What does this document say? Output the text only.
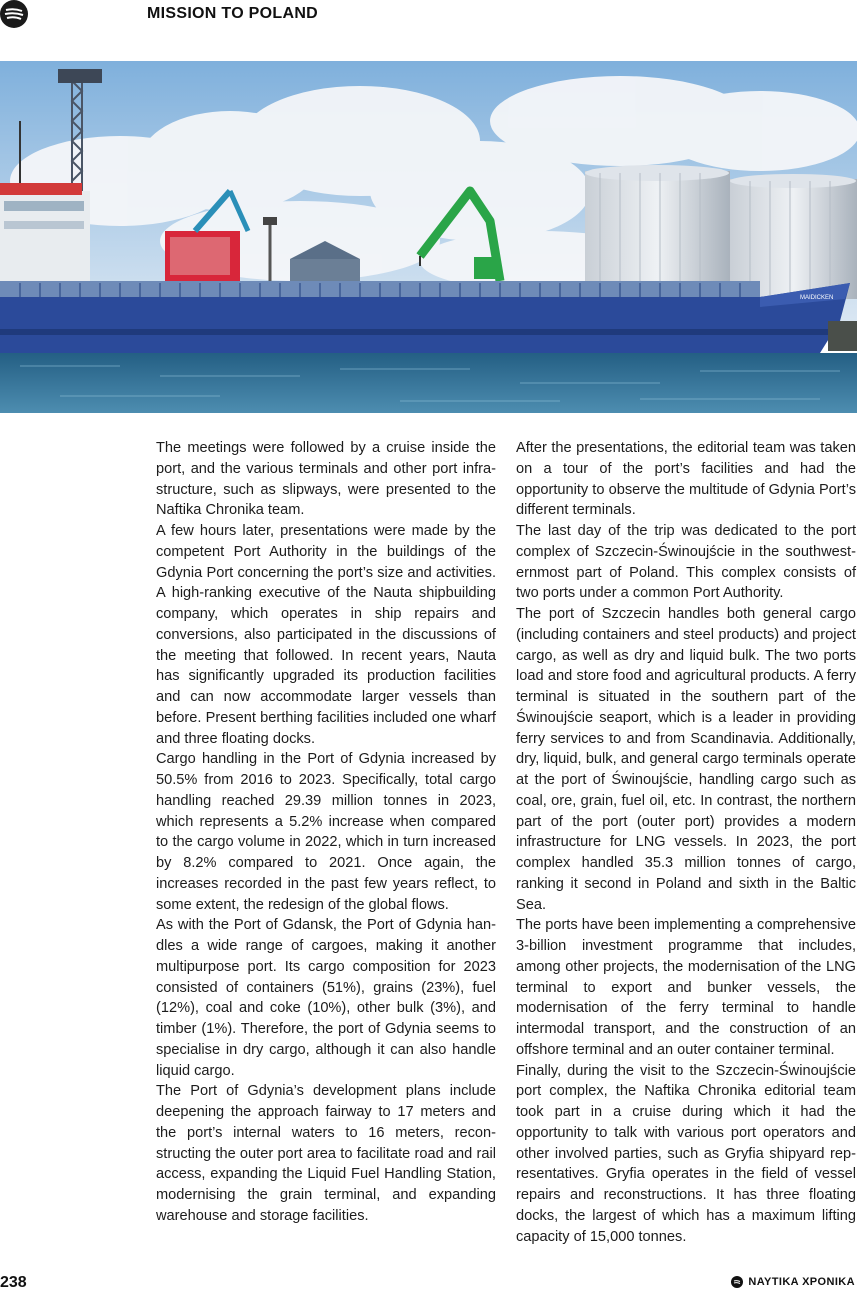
MISSION TO POLAND
MAIDICKEN

The meetings were followed by a cruise inside the port, and the various terminals and other port infrastructure, such as slipways, were presented to the Naftika Chronika team.

A few hours later, presentations were made by the competent Port Authority in the buildings of the Gdynia Port concerning the port’s size and activities. A high-ranking executive of the Nauta shipbuilding company, which operates in ship repairs and conversions, also participated in the discussions of the meeting that followed. In recent years, Nauta has significantly upgraded its production facilities and can now accommodate larger vessels than before. Present berthing facilities included one wharf and three floating docks.

Cargo handling in the Port of Gdynia increased by 50.5% from 2016 to 2023. Specifically, total cargo handling reached 29.39 million tonnes in 2023, which represents a 5.2% increase when compared to the cargo volume in 2022, which in turn increased by 8.2% compared to 2021. Once again, the increases recorded in the past few years reflect, to some extent, the redesign of the global flows.

As with the Port of Gdansk, the Port of Gdynia handles a wide range of cargoes, making it another multipurpose port. Its cargo composition for 2023 consisted of containers (51%), grains (23%), fuel (12%), coal and coke (10%), other bulk (3%), and timber (1%). Therefore, the port of Gdynia seems to specialise in dry cargo, although it can also handle liquid cargo.

The Port of Gdynia’s development plans include deepening the approach fairway to 17 meters and the port’s internal waters to 16 meters, reconstructing the outer port area to facilitate road and rail access, expanding the Liquid Fuel Handling Station, modernising the grain terminal, and expanding warehouse and storage facilities.

After the presentations, the editorial team was taken on a tour of the port’s facilities and had the opportunity to observe the multitude of Gdynia Port’s different terminals.

The last day of the trip was dedicated to the port complex of Szczecin-Świnoujście in the southwesternmost part of Poland. This complex consists of two ports under a common Port Authority.

The port of Szczecin handles both general cargo (including containers and steel products) and project cargo, as well as dry and liquid bulk. The two ports load and store food and agricultural products. A ferry terminal is situated in the southern part of the Świnoujście seaport, which is a leader in providing ferry services to and from Scandinavia. Additionally, dry, liquid, bulk, and general cargo terminals operate at the port of Świnoujście, handling cargo such as coal, ore, grain, fuel oil, etc. In contrast, the northern part of the port (outer port) provides a modern infrastructure for LNG vessels. In 2023, the port complex handled 35.3 million tonnes of cargo, ranking it second in Poland and sixth in the Baltic Sea.

The ports have been implementing a comprehensive 3-billion investment programme that includes, among other projects, the modernisation of the LNG terminal to export and bunker vessels, the modernisation of the ferry terminal to handle intermodal transport, and the construction of an offshore terminal and an outer container terminal.

Finally, during the visit to the Szczecin-Świnoujście port complex, the Naftika Chronika editorial team took part in a cruise during which it had the opportunity to talk with various port operators and other involved parties, such as Gryfia shipyard representatives. Gryfia operates in the field of vessel repairs and reconstructions. It has three floating docks, the largest of which has a maximum lifting capacity of 15,000 tonnes.

238	NAYTIKA XPONIKA
